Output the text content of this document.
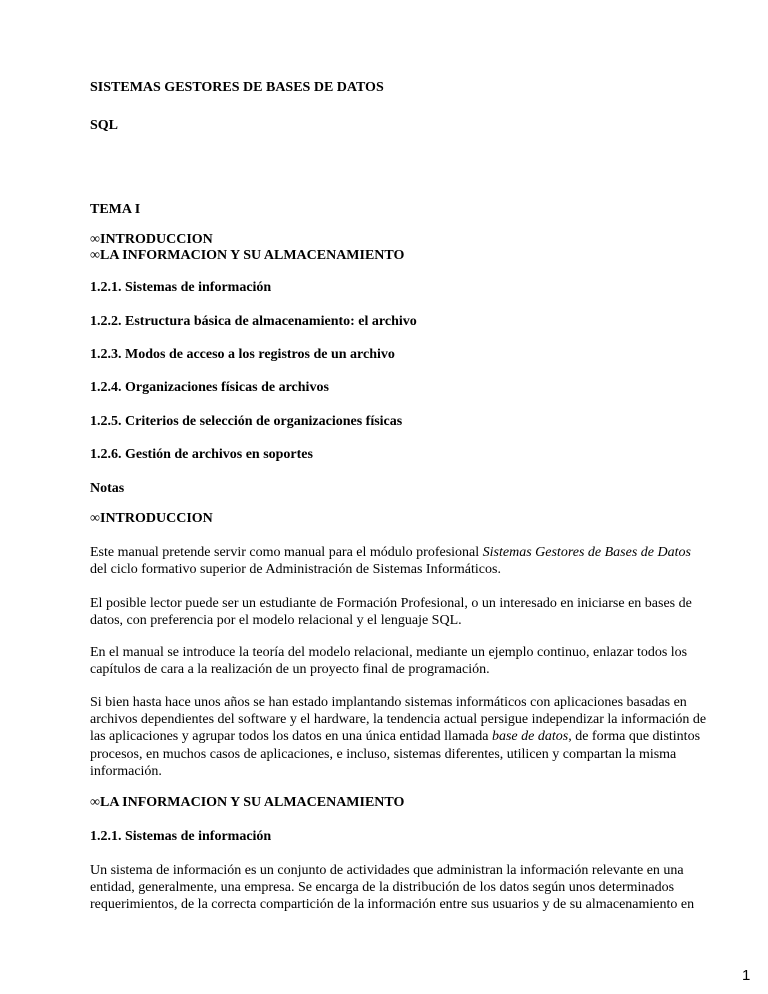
SISTEMAS GESTORES DE BASES DE DATOS
SQL
TEMA I
∞INTRODUCCION
∞LA INFORMACION Y SU ALMACENAMIENTO
1.2.1. Sistemas de información
1.2.2. Estructura básica de almacenamiento: el archivo
1.2.3. Modos de acceso a los registros de un archivo
1.2.4. Organizaciones físicas de archivos
1.2.5. Criterios de selección de organizaciones físicas
1.2.6. Gestión de archivos en soportes
Notas
∞INTRODUCCION
Este manual pretende servir como manual para el módulo profesional Sistemas Gestores de Bases de Datos
del ciclo formativo superior de Administración de Sistemas Informáticos.
El posible lector puede ser un estudiante de Formación Profesional, o un interesado en iniciarse en bases de
datos, con preferencia por el modelo relacional y el lenguaje SQL.
En el manual se introduce la teoría del modelo relacional, mediante un ejemplo continuo, enlazar todos los
capítulos de cara a la realización de un proyecto final de programación.
Si bien hasta hace unos años se han estado implantando sistemas informáticos con aplicaciones basadas en
archivos dependientes del software y el hardware, la tendencia actual persigue independizar la información de
las aplicaciones y agrupar todos los datos en una única entidad llamada base de datos, de forma que distintos
procesos, en muchos casos de aplicaciones, e incluso, sistemas diferentes, utilicen y compartan la misma
información.
∞LA INFORMACION Y SU ALMACENAMIENTO
1.2.1. Sistemas de información
Un sistema de información es un conjunto de actividades que administran la información relevante en una
entidad, generalmente, una empresa. Se encarga de la distribución de los datos según unos determinados
requerimientos, de la correcta compartición de la información entre sus usuarios y de su almacenamiento en
1
